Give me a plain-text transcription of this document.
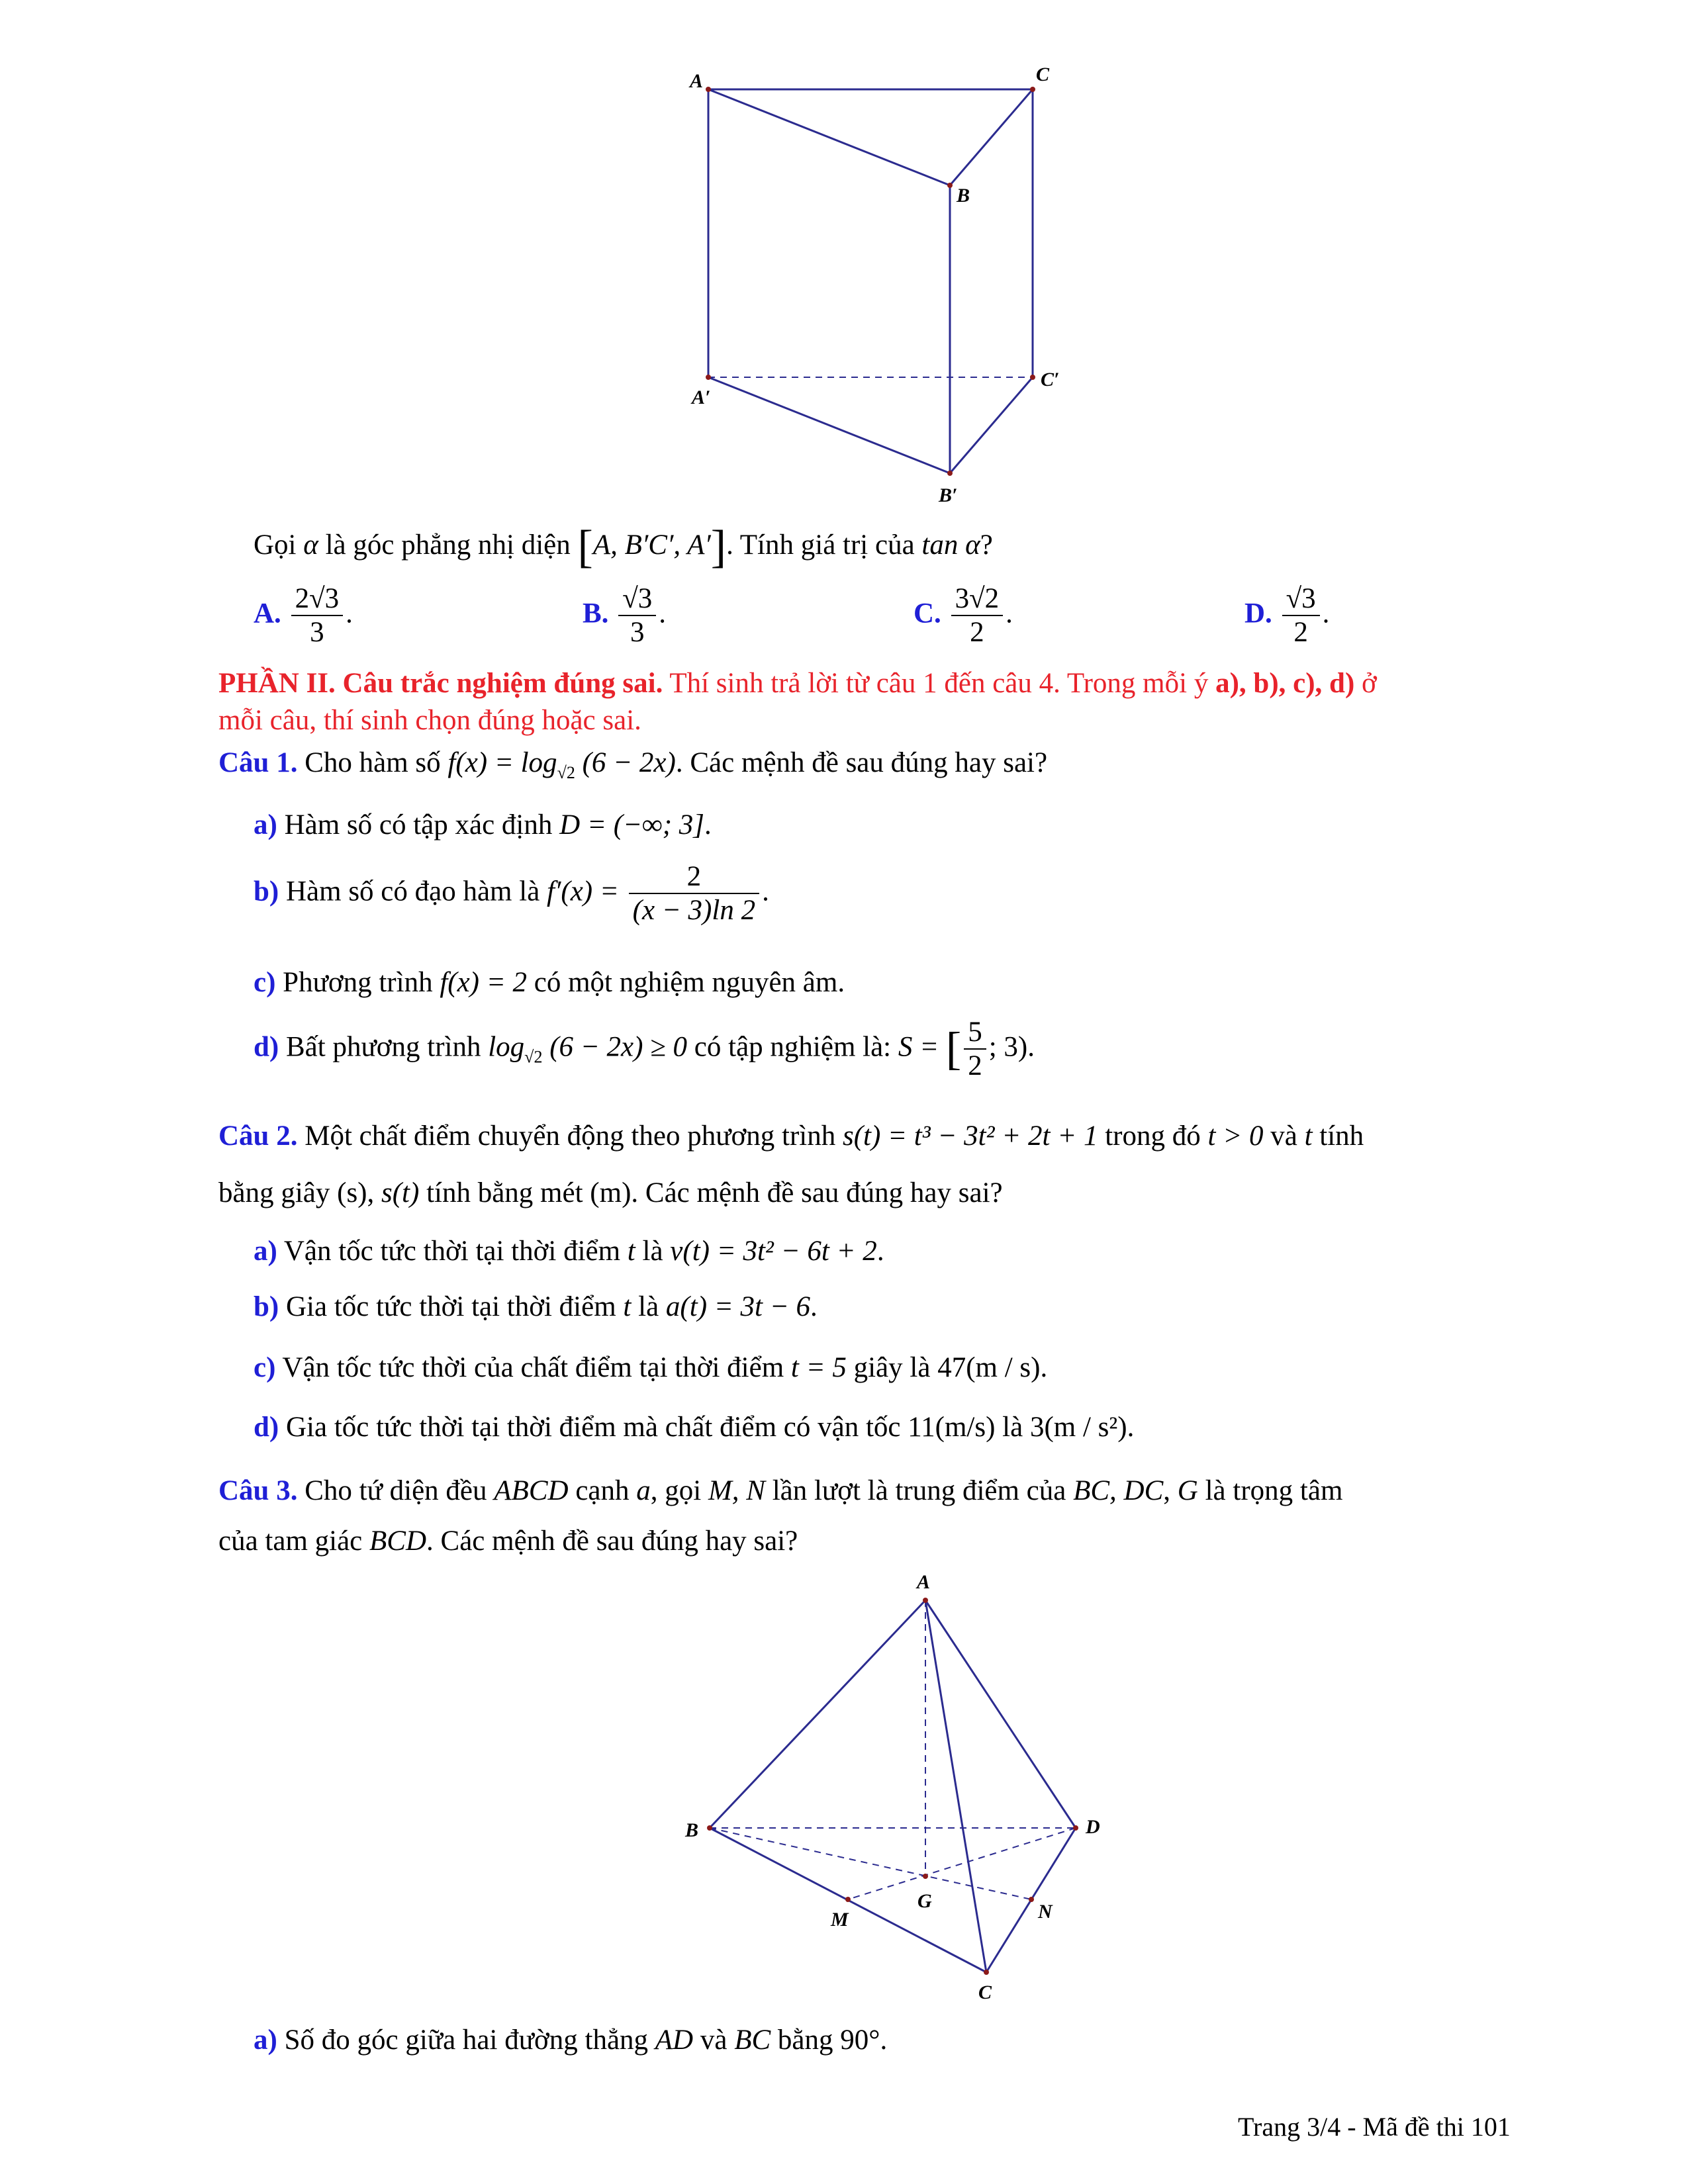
A	C
B
A′
C′
B′
Gọi α là góc phẳng nhị diện [A, B′C′, A′]. Tính giá trị của tan α?
A. $\frac{2√3}{3}$ .	B. $\frac{√3}{3}$ .	C. $\frac{3√2}{2}$ .	D. $\frac{√3}{2}$ .
PHẦN II. Câu trắc nghiệm đúng sai. Thí sinh trả lời từ câu 1 đến câu 4. Trong mỗi ý a), b), c), d) ở
mỗi câu, thí sinh chọn đúng hoặc sai.
Câu 1. Cho hàm số $f(x) = \log_{√2} (6 - 2x)$. Các mệnh đề sau đúng hay sai?
a) Hàm số có tập xác định D = (−∞; 3].
b) Hàm số có đạo hàm là $f'(x) = \frac{2}{(x - 3)\ln 2}$ .
c) Phương trình f(x) = 2 có một nghiệm nguyên âm.
d) Bất phương trình $\log_{√2} (6 - 2x) \ge 0$ có tập nghiệm là: S = [ $\frac{5}{2}$ ; 3).
Câu 2. Một chất điểm chuyển động theo phương trình s(t) = t³ − 3t² + 2t + 1 trong đó t > 0 và t tính
bằng giây (s), s(t) tính bằng mét (m). Các mệnh đề sau đúng hay sai?
a) Vận tốc tức thời tại thời điểm t là v(t) = 3t² − 6t + 2.
b) Gia tốc tức thời tại thời điểm t là a(t) = 3t − 6.
c) Vận tốc tức thời của chất điểm tại thời điểm t = 5 giây là 47(m / s).
d) Gia tốc tức thời tại thời điểm mà chất điểm có vận tốc 11(m/s) là 3(m / s²).
Câu 3. Cho tứ diện đều ABCD cạnh a, gọi M, N lần lượt là trung điểm của BC, DC, G là trọng tâm
của tam giác BCD. Các mệnh đề sau đúng hay sai?
A
B	D
G
M	N
C
a) Số đo góc giữa hai đường thẳng AD và BC bằng 90°.
Trang 3/4 - Mã đề thi 101
